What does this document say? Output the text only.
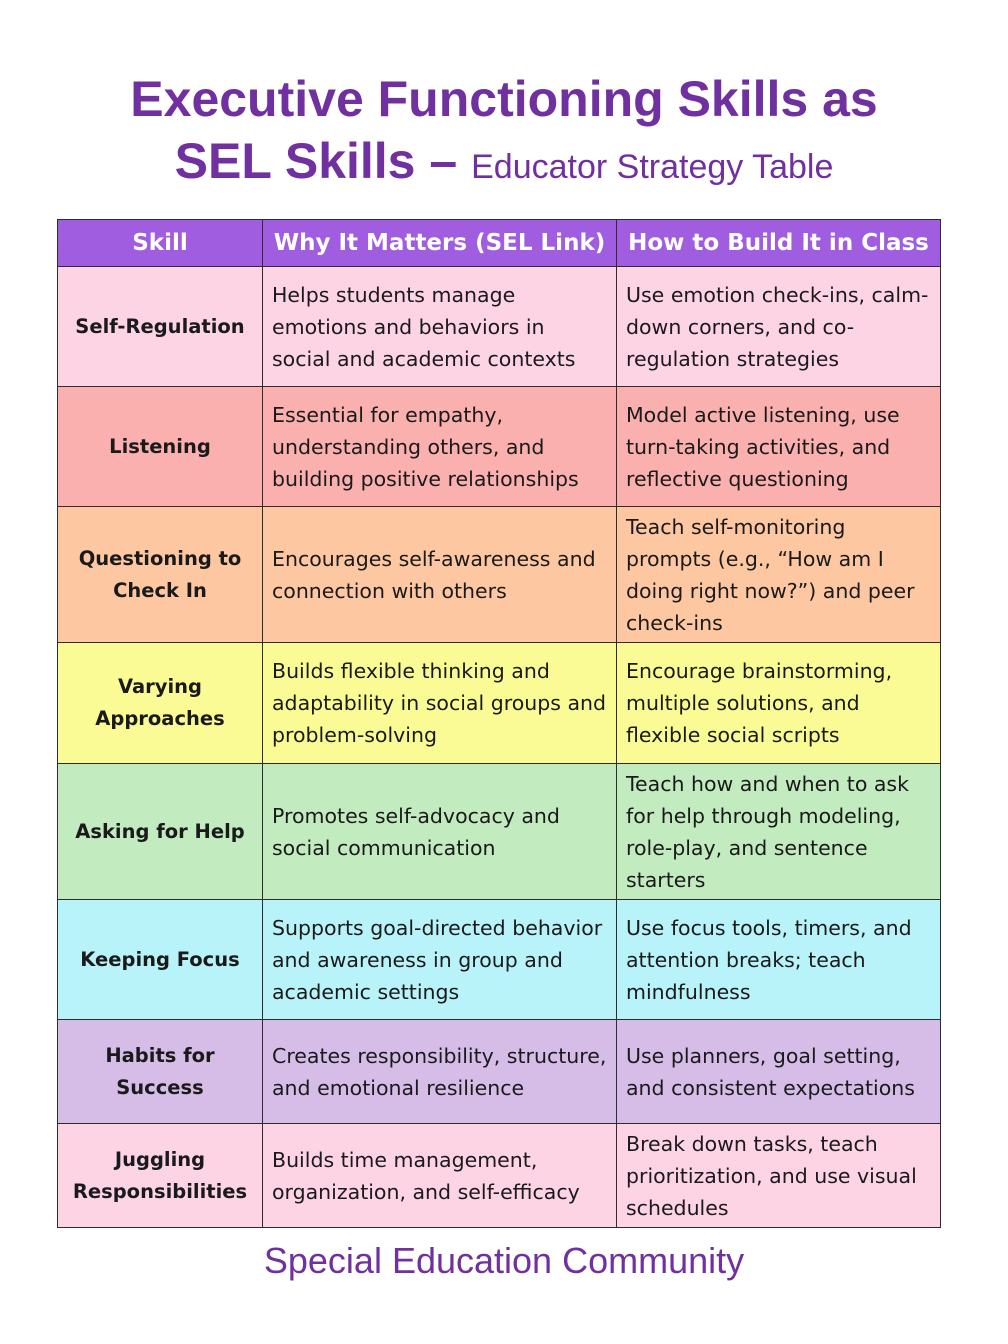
Executive Functioning Skills as
SEL Skills – Educator Strategy Table
Skill	Why It Matters (SEL Link)	How to Build It in Class
Self-Regulation	Helps students manage emotions and behaviors in social and academic contexts	Use emotion check-ins, calm-down corners, and co-regulation strategies
Listening	Essential for empathy, understanding others, and building positive relationships	Model active listening, use turn-taking activities, and reflective questioning
Questioning to Check In	Encourages self-awareness and connection with others	Teach self-monitoring prompts (e.g., “How am I doing right now?”) and peer check-ins
Varying Approaches	Builds flexible thinking and adaptability in social groups and problem-solving	Encourage brainstorming, multiple solutions, and flexible social scripts
Asking for Help	Promotes self-advocacy and social communication	Teach how and when to ask for help through modeling, role-play, and sentence starters
Keeping Focus	Supports goal-directed behavior and awareness in group and academic settings	Use focus tools, timers, and attention breaks; teach mindfulness
Habits for Success	Creates responsibility, structure, and emotional resilience	Use planners, goal setting, and consistent expectations
Juggling Responsibilities	Builds time management, organization, and self-efficacy	Break down tasks, teach prioritization, and use visual schedules

Special Education Community
